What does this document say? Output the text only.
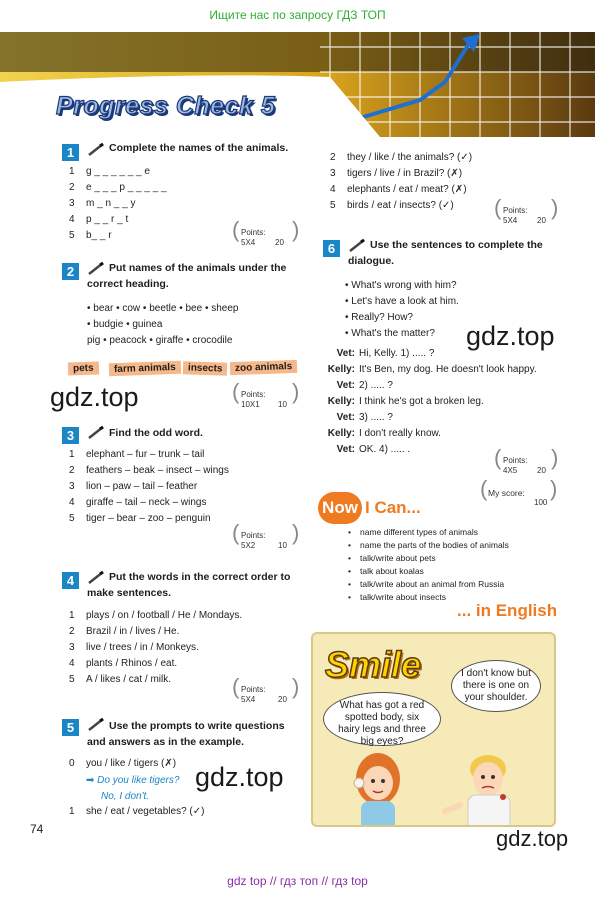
Ищите нас по запросу ГДЗ ТОП
Progress Check 5
1	Complete the names of the animals.
1 g _ _ _ _ _ _ e
2 e _ _ _ p _ _ _ _ _
3 m _ n _ _ y
4 p _ _ r _ t
5 b_ _ r	( Points:
5X4 20
)
2	Put names of the animals under the
correct heading.
• bear • cow • beetle • bee • sheep
• budgie • guinea
pig • peacock • giraffe • crocodile
pets	farm animals	insects	zoo animals
gdz.top	( Points:
10X1 10
)
3	Find the odd word.
1 elephant – fur – trunk – tail
2 feathers – beak – insect – wings
3 lion – paw – tail – feather
4 giraffe – tail – neck – wings
5 tiger – bear – zoo – penguin
( Points:
5X2	10
)
4	Put the words in the correct order to
make sentences.
1 plays / on / football / He / Mondays.
2 Brazil / in / lives / He.
3 live / trees / in / Monkeys.
4 plants / Rhinos / eat.
5 A / likes / cat / milk.	( Points:
5X4	20
)
5	Use the prompts to write questions
and answers as in the example.
0 you / like / tigers (✗)
➡ Do you like tigers?
No, I don't.
gdz.top
1 she / eat / vegetables? (✓)
74
2 they / like / the animals? (✓)
3 tigers / live / in Brazil? (✗)
4 elephants / eat / meat? (✗)
5 birds / eat / insects? (✓)	( Points:
5X4 20
)
6	Use the sentences to complete the
dialogue.
• What's wrong with him?
• Let's have a look at him.
• Really? How?
• What's the matter?	gdz.top
Vet: Hi, Kelly. 1) ..... ?
Kelly: It's Ben, my dog. He doesn't look happy.
Vet: 2) ..... ?
Kelly: I think he's got a broken leg.
Vet: 3) ..... ?
Kelly: I don't really know.
Vet: OK. 4) ..... .	( Points:
4X5 20
)
( My score:
100
)
Now I Can...
• name different types of animals
• name the parts of the bodies of animals
• talk/write about pets
• talk about koalas
• talk/write about an animal from Russia
• talk/write about insects
... in English
Smile
What has got a red spotted body, six hairy legs and three big eyes?
I don't know but there is one on your shoulder.
gdz.top
gdz top // гдз топ // гдз top
